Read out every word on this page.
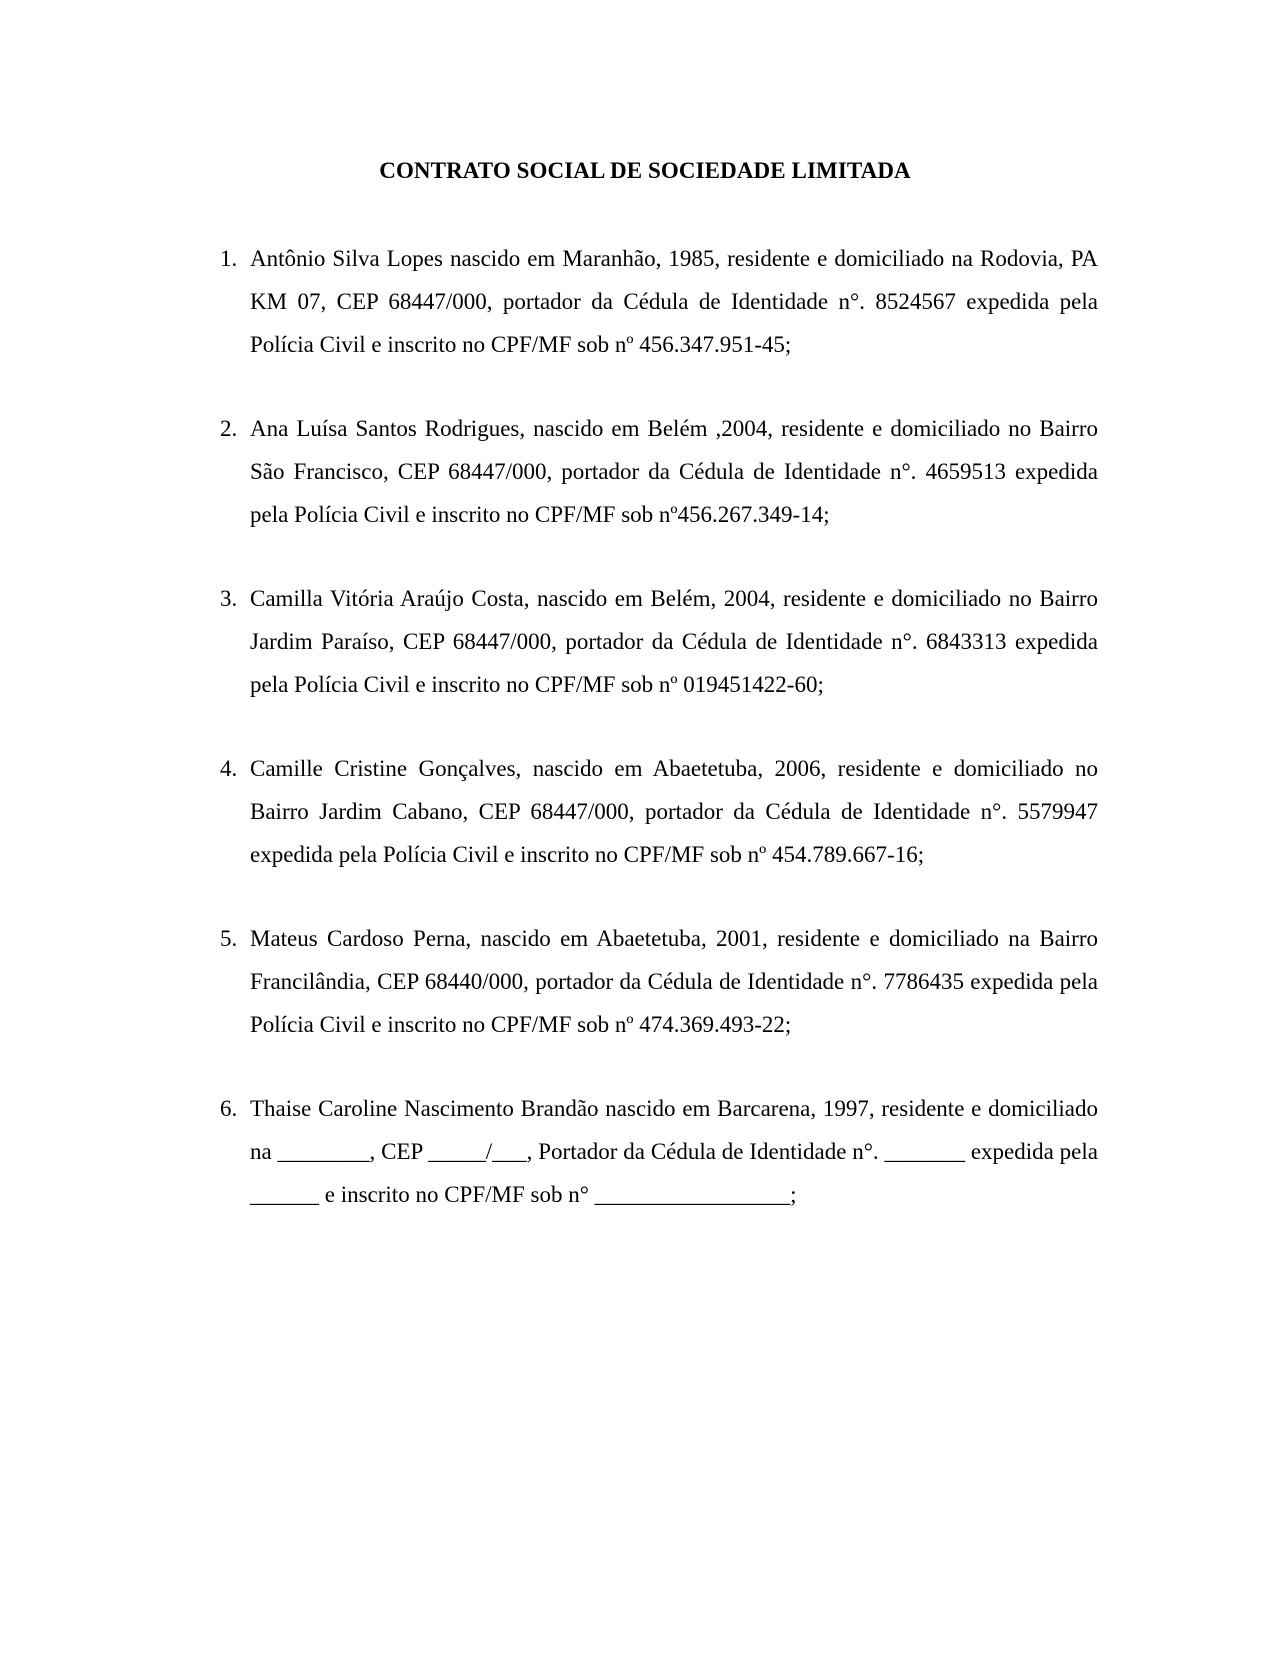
CONTRATO SOCIAL DE SOCIEDADE LIMITADA
1. Antônio Silva Lopes nascido em Maranhão, 1985, residente e domiciliado na Rodovia, PA KM 07, CEP 68447/000, portador da Cédula de Identidade n°. 8524567 expedida pela Polícia Civil e inscrito no CPF/MF sob nº 456.347.951-45;
2. Ana Luísa Santos Rodrigues, nascido em Belém ,2004, residente e domiciliado no Bairro São Francisco, CEP 68447/000, portador da Cédula de Identidade n°. 4659513 expedida pela Polícia Civil e inscrito no CPF/MF sob nº456.267.349-14;
3. Camilla Vitória Araújo Costa, nascido em Belém, 2004, residente e domiciliado no Bairro Jardim Paraíso, CEP 68447/000, portador da Cédula de Identidade n°. 6843313 expedida pela Polícia Civil e inscrito no CPF/MF sob nº 019451422-60;
4. Camille Cristine Gonçalves, nascido em Abaetetuba, 2006, residente e domiciliado no Bairro Jardim Cabano, CEP 68447/000, portador da Cédula de Identidade n°. 5579947 expedida pela Polícia Civil e inscrito no CPF/MF sob nº 454.789.667-16;
5. Mateus Cardoso Perna, nascido em Abaetetuba, 2001, residente e domiciliado na Bairro Francilândia, CEP 68440/000, portador da Cédula de Identidade n°. 7786435 expedida pela Polícia Civil e inscrito no CPF/MF sob nº 474.369.493-22;
6. Thaise Caroline Nascimento Brandão nascido em Barcarena, 1997, residente e domiciliado na ________, CEP _____/___, Portador da Cédula de Identidade n°. _______ expedida pela ______ e inscrito no CPF/MF sob n° _________________;
